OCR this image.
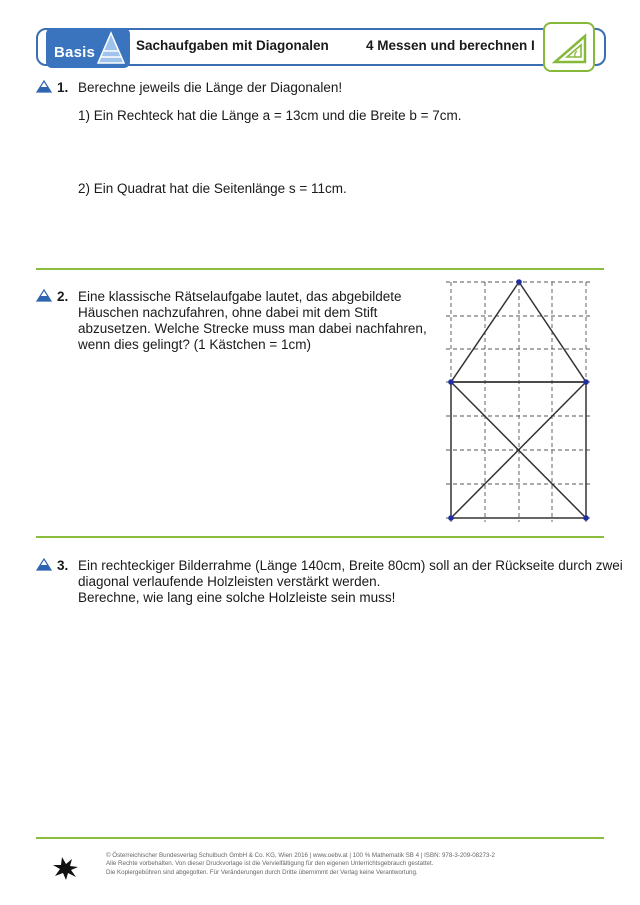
Basis	Sachaufgaben mit Diagonalen	4 Messen und berechnen I
1. Berechne jeweils die Länge der Diagonalen!
1) Ein Rechteck hat die Länge a = 13cm und die Breite b = 7cm.
2) Ein Quadrat hat die Seitenlänge s = 11cm.
2. Eine klassische Rätselaufgabe lautet, das abgebildete
Häuschen nachzufahren, ohne dabei mit dem Stift
abzusetzen. Welche Strecke muss man dabei nachfahren,
wenn dies gelingt? (1 Kästchen = 1cm)
3. Ein rechteckiger Bilderrahme (Länge 140cm, Breite 80cm) soll an der Rückseite durch zwei
diagonal verlaufende Holzleisten verstärkt werden.
Berechne, wie lang eine solche Holzleiste sein muss!
© Österreichischer Bundesverlag Schulbuch GmbH & Co. KG, Wien 2016 | www.oebv.at | 100 % Mathematik SB 4 | ISBN: 978-3-209-08273-2
Alle Rechte vorbehalten. Von dieser Druckvorlage ist die Vervielfältigung für den eigenen Unterrichtsgebrauch gestattet.
Die Kopiergebühren sind abgegolten. Für Veränderungen durch Dritte übernimmt der Verlag keine Verantwortung.
